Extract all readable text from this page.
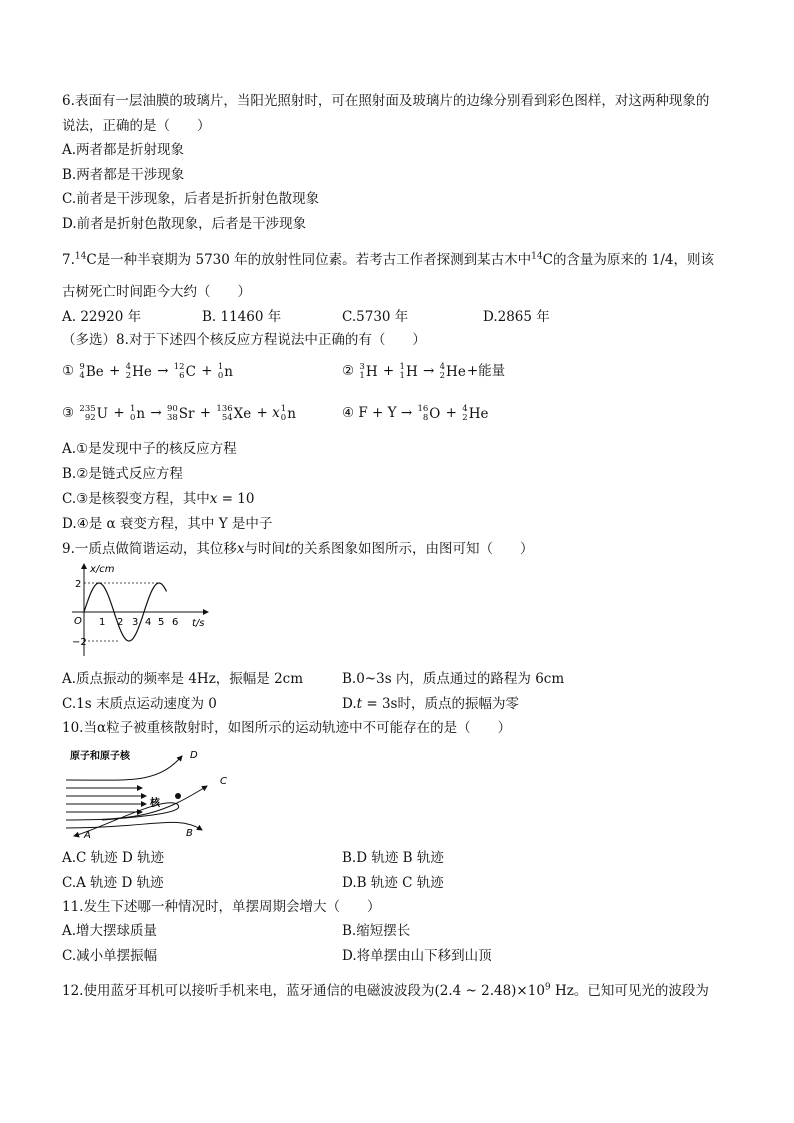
6.表面有一层油膜的玻璃片，当阳光照射时，可在照射面及玻璃片的边缘分别看到彩色图样，对这两种现象的
说法，正确的是（　　）
A.两者都是折射现象
B.两者都是干涉现象
C.前者是干涉现象，后者是折折射色散现象
D.前者是折射色散现象，后者是干涉现象
7.14C是一种半衰期为 5730 年的放射性同位素。若考古工作者探测到某古木中$^{14}$C的含量为原来的 1/4，则该
古树死亡时间距今大约（　　）
A. 22920 年	B. 11460 年	C.5730 年	D.2865 年
（多选）8.对于下述四个核反应方程说法中正确的有（　　）
① 9
4 Be + 4
2 He → 12
6 C + 1
0 n	② 3
1 H + 1
1 H → 4
2 He +能量
③ 235
92 U + 1
0 n → 90
38 Sr + 136
54 Xe + x 1
0 n	④ F + Y → 16
8 O + 4
2 He
A.①是发现中子的核反应方程
B.②是链式反应方程
C.③是核裂变方程，其中x = 10
D.④是 α 衰变方程，其中 Y 是中子
9.一质点做简谐运动，其位移x与时间t的关系图象如图所示，由图可知（　　）
x/cm
t/s
O
2
−2
1 2 3 4 5 6
A.质点振动的频率是 4Hz，振幅是 2cm	B.0~3s 内，质点通过的路程为 6cm
C.1s 末质点运动速度为 0	D.t = 3s时，质点的振幅为零
10.当α粒子被重核散射时，如图所示的运动轨迹中不可能存在的是（　　）
原子和原子核
核
A	B
C
D
A.C 轨迹 D 轨迹	B.D 轨迹 B 轨迹
C.A 轨迹 D 轨迹	D.B 轨迹 C 轨迹
11.发生下述哪一种情况时，单摆周期会增大（　　）
A.增大摆球质量	B.缩短摆长
C.减小单摆振幅	D.将单摆由山下移到山顶
12.使用蓝牙耳机可以接听手机来电，蓝牙通信的电磁波波段为(2.4 ~ $2.48)\times 10^9$ Hz。已知可见光的波段为
